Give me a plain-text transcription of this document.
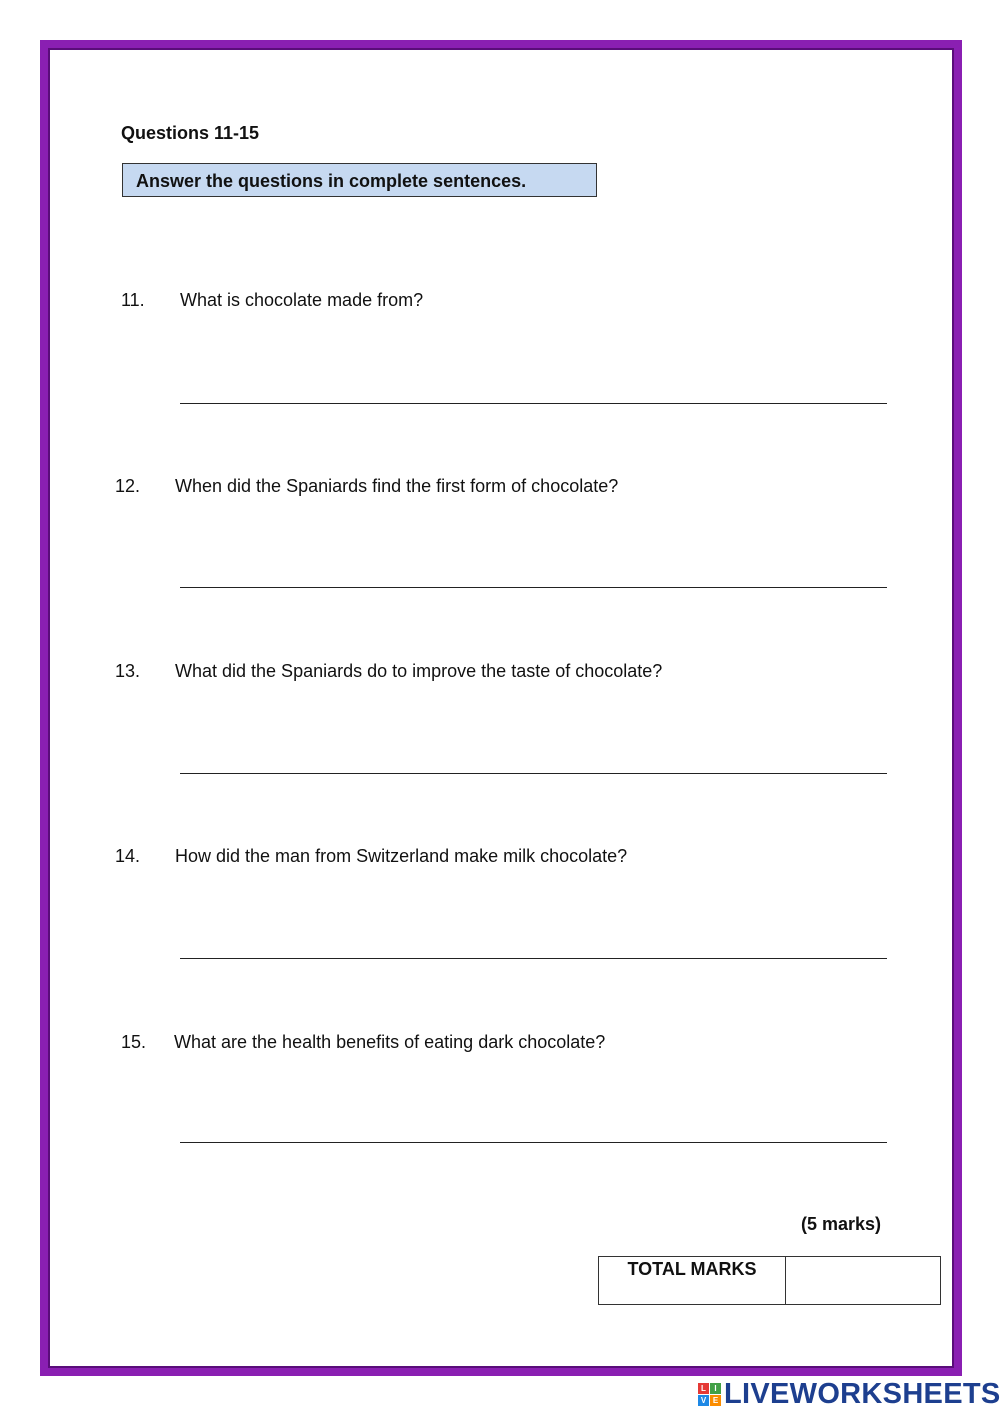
Questions 11-15
Answer the questions in complete sentences.
11. What is chocolate made from?
12. When did the Spaniards find the first form of chocolate?
13. What did the Spaniards do to improve the taste of chocolate?
14. How did the man from Switzerland make milk chocolate?
15. What are the health benefits of eating dark chocolate?
(5 marks)
TOTAL MARKS	
L	I
V E LIVEWORKSHEETS
